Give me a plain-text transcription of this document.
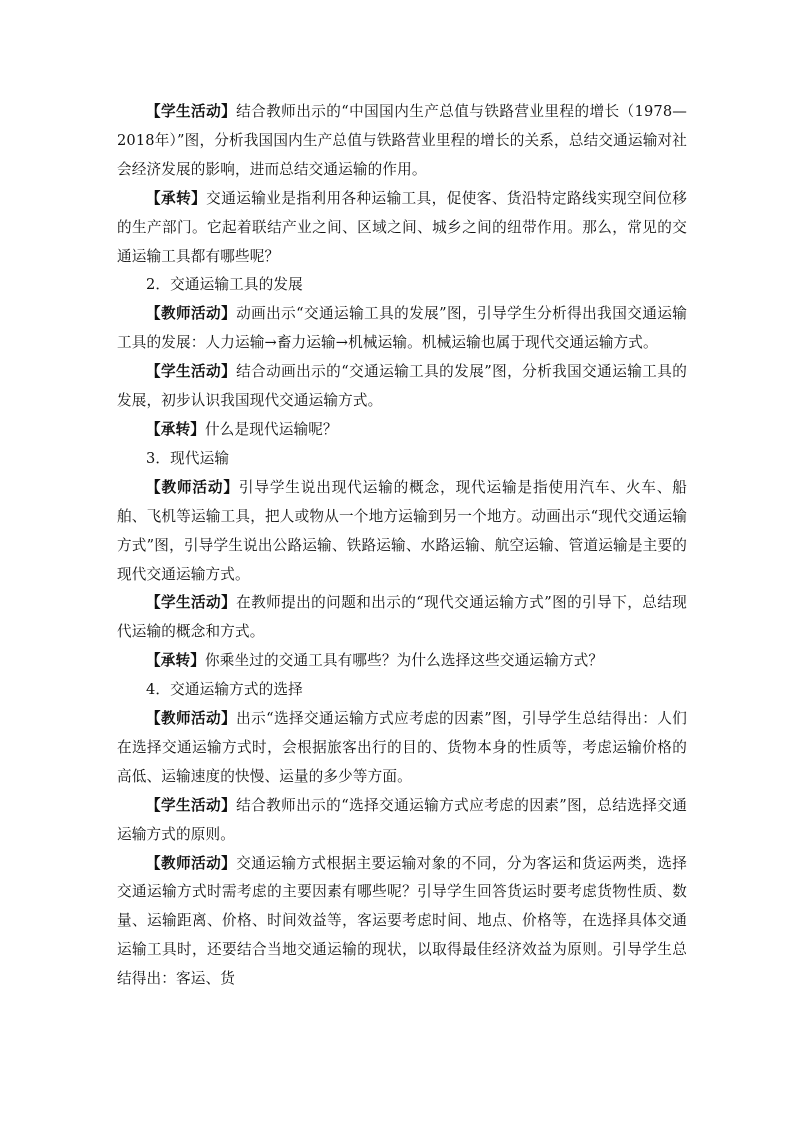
【学生活动】结合教师出示的“中国国内生产总值与铁路营业里程的增长（1978—2018年）”图，分析我国国内生产总值与铁路营业里程的增长的关系，总结交通运输对社会经济发展的影响，进而总结交通运输的作用。

【承转】交通运输业是指利用各种运输工具，促使客、货沿特定路线实现空间位移的生产部门。它起着联结产业之间、区域之间、城乡之间的纽带作用。那么，常见的交通运输工具都有哪些呢？

2．交通运输工具的发展

【教师活动】动画出示“交通运输工具的发展”图，引导学生分析得出我国交通运输工具的发展：人力运输→畜力运输→机械运输。机械运输也属于现代交通运输方式。

【学生活动】结合动画出示的“交通运输工具的发展”图，分析我国交通运输工具的发展，初步认识我国现代交通运输方式。

【承转】什么是现代运输呢？

3．现代运输

【教师活动】引导学生说出现代运输的概念，现代运输是指使用汽车、火车、船舶、飞机等运输工具，把人或物从一个地方运输到另一个地方。动画出示“现代交通运输方式”图，引导学生说出公路运输、铁路运输、水路运输、航空运输、管道运输是主要的现代交通运输方式。

【学生活动】在教师提出的问题和出示的“现代交通运输方式”图的引导下，总结现代运输的概念和方式。

【承转】你乘坐过的交通工具有哪些？为什么选择这些交通运输方式？

4．交通运输方式的选择

【教师活动】出示“选择交通运输方式应考虑的因素”图，引导学生总结得出：人们在选择交通运输方式时，会根据旅客出行的目的、货物本身的性质等，考虑运输价格的高低、运输速度的快慢、运量的多少等方面。

【学生活动】结合教师出示的“选择交通运输方式应考虑的因素”图，总结选择交通运输方式的原则。

【教师活动】交通运输方式根据主要运输对象的不同，分为客运和货运两类，选择交通运输方式时需考虑的主要因素有哪些呢？引导学生回答货运时要考虑货物性质、数量、运输距离、价格、时间效益等，客运要考虑时间、地点、价格等，在选择具体交通运输工具时，还要结合当地交通运输的现状，以取得最佳经济效益为原则。引导学生总结得出：客运、货
